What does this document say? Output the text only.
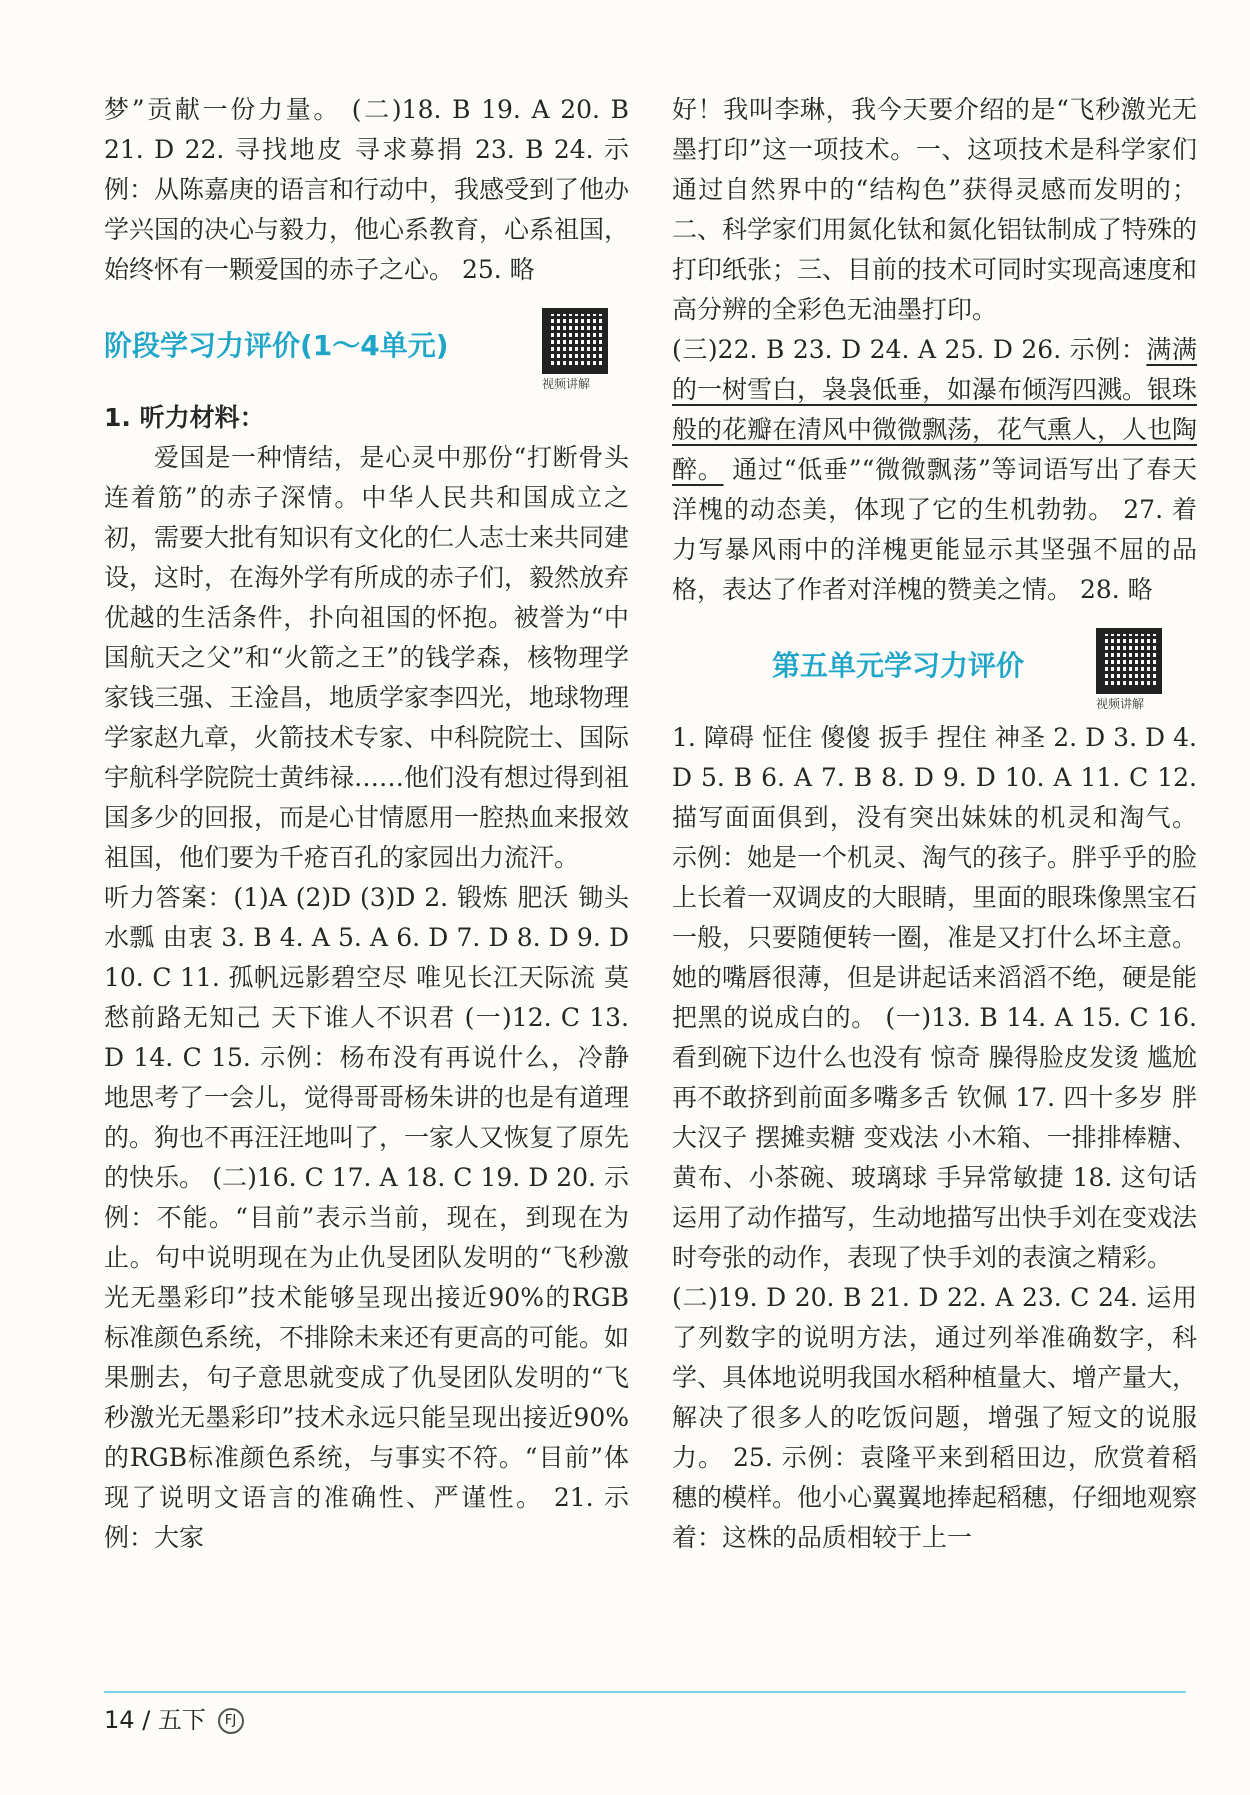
梦”贡献一份力量。 (二)18. B 19. A 20. B 21. D 22. 寻找地皮 寻求募捐 23. B 24. 示例：从陈嘉庚的语言和行动中，我感受到了他办学兴国的决心与毅力，他心系教育，心系祖国，始终怀有一颗爱国的赤子之心。 25. 略

阶段学习力评价(1～4单元)
视频讲解

1. 听力材料：

爱国是一种情结，是心灵中那份“打断骨头连着筋”的赤子深情。中华人民共和国成立之初，需要大批有知识有文化的仁人志士来共同建设，这时，在海外学有所成的赤子们，毅然放弃优越的生活条件，扑向祖国的怀抱。被誉为“中国航天之父”和“火箭之王”的钱学森，核物理学家钱三强、王淦昌，地质学家李四光，地球物理学家赵九章，火箭技术专家、中科院院士、国际宇航科学院院士黄纬禄……他们没有想过得到祖国多少的回报，而是心甘情愿用一腔热血来报效祖国，他们要为千疮百孔的家园出力流汗。

听力答案：(1)A (2)D (3)D 2. 锻炼 肥沃 锄头 水瓢 由衷 3. B 4. A 5. A 6. D 7. D 8. D 9. D 10. C 11. 孤帆远影碧空尽 唯见长江天际流 莫愁前路无知己 天下谁人不识君 (一)12. C 13. D 14. C 15. 示例：杨布没有再说什么，冷静地思考了一会儿，觉得哥哥杨朱讲的也是有道理的。狗也不再汪汪地叫了，一家人又恢复了原先的快乐。 (二)16. C 17. A 18. C 19. D 20. 示例：不能。“目前”表示当前，现在，到现在为止。句中说明现在为止仇旻团队发明的“飞秒激光无墨彩印”技术能够呈现出接近90%的RGB标准颜色系统，不排除未来还有更高的可能。如果删去，句子意思就变成了仇旻团队发明的“飞秒激光无墨彩印”技术永远只能呈现出接近90%的RGB标准颜色系统，与事实不符。“目前”体现了说明文语言的准确性、严谨性。 21. 示例：大家

好！我叫李琳，我今天要介绍的是“飞秒激光无墨打印”这一项技术。一、这项技术是科学家们通过自然界中的“结构色”获得灵感而发明的；二、科学家们用氮化钛和氮化铝钛制成了特殊的打印纸张；三、目前的技术可同时实现高速度和高分辨的全彩色无油墨打印。

(三)22. B 23. D 24. A 25. D 26. 示例：满满的一树雪白，袅袅低垂，如瀑布倾泻四溅。银珠般的花瓣在清风中微微飘荡，花气熏人，人也陶醉。 通过“低垂”“微微飘荡”等词语写出了春天洋槐的动态美，体现了它的生机勃勃。 27. 着力写暴风雨中的洋槐更能显示其坚强不屈的品格，表达了作者对洋槐的赞美之情。 28. 略

第五单元学习力评价
视频讲解

1. 障碍 怔住 傻傻 扳手 捏住 神圣 2. D 3. D 4. D 5. B 6. A 7. B 8. D 9. D 10. A 11. C 12. 描写面面俱到，没有突出妹妹的机灵和淘气。 示例：她是一个机灵、淘气的孩子。胖乎乎的脸上长着一双调皮的大眼睛，里面的眼珠像黑宝石一般，只要随便转一圈，准是又打什么坏主意。她的嘴唇很薄，但是讲起话来滔滔不绝，硬是能把黑的说成白的。 (一)13. B 14. A 15. C 16. 看到碗下边什么也没有 惊奇 臊得脸皮发烫 尴尬 再不敢挤到前面多嘴多舌 钦佩 17. 四十多岁 胖大汉子 摆摊卖糖 变戏法 小木箱、一排排棒糖、黄布、小茶碗、玻璃球 手异常敏捷 18. 这句话运用了动作描写，生动地描写出快手刘在变戏法时夸张的动作，表现了快手刘的表演之精彩。

(二)19. D 20. B 21. D 22. A 23. C 24. 运用了列数字的说明方法，通过列举准确数字，科学、具体地说明我国水稻种植量大、增产量大，解决了很多人的吃饭问题，增强了短文的说服力。 25. 示例：袁隆平来到稻田边，欣赏着稻穗的模样。他小心翼翼地捧起稻穗，仔细地观察着：这株的品质相较于上一

14 / 五下 FJ
